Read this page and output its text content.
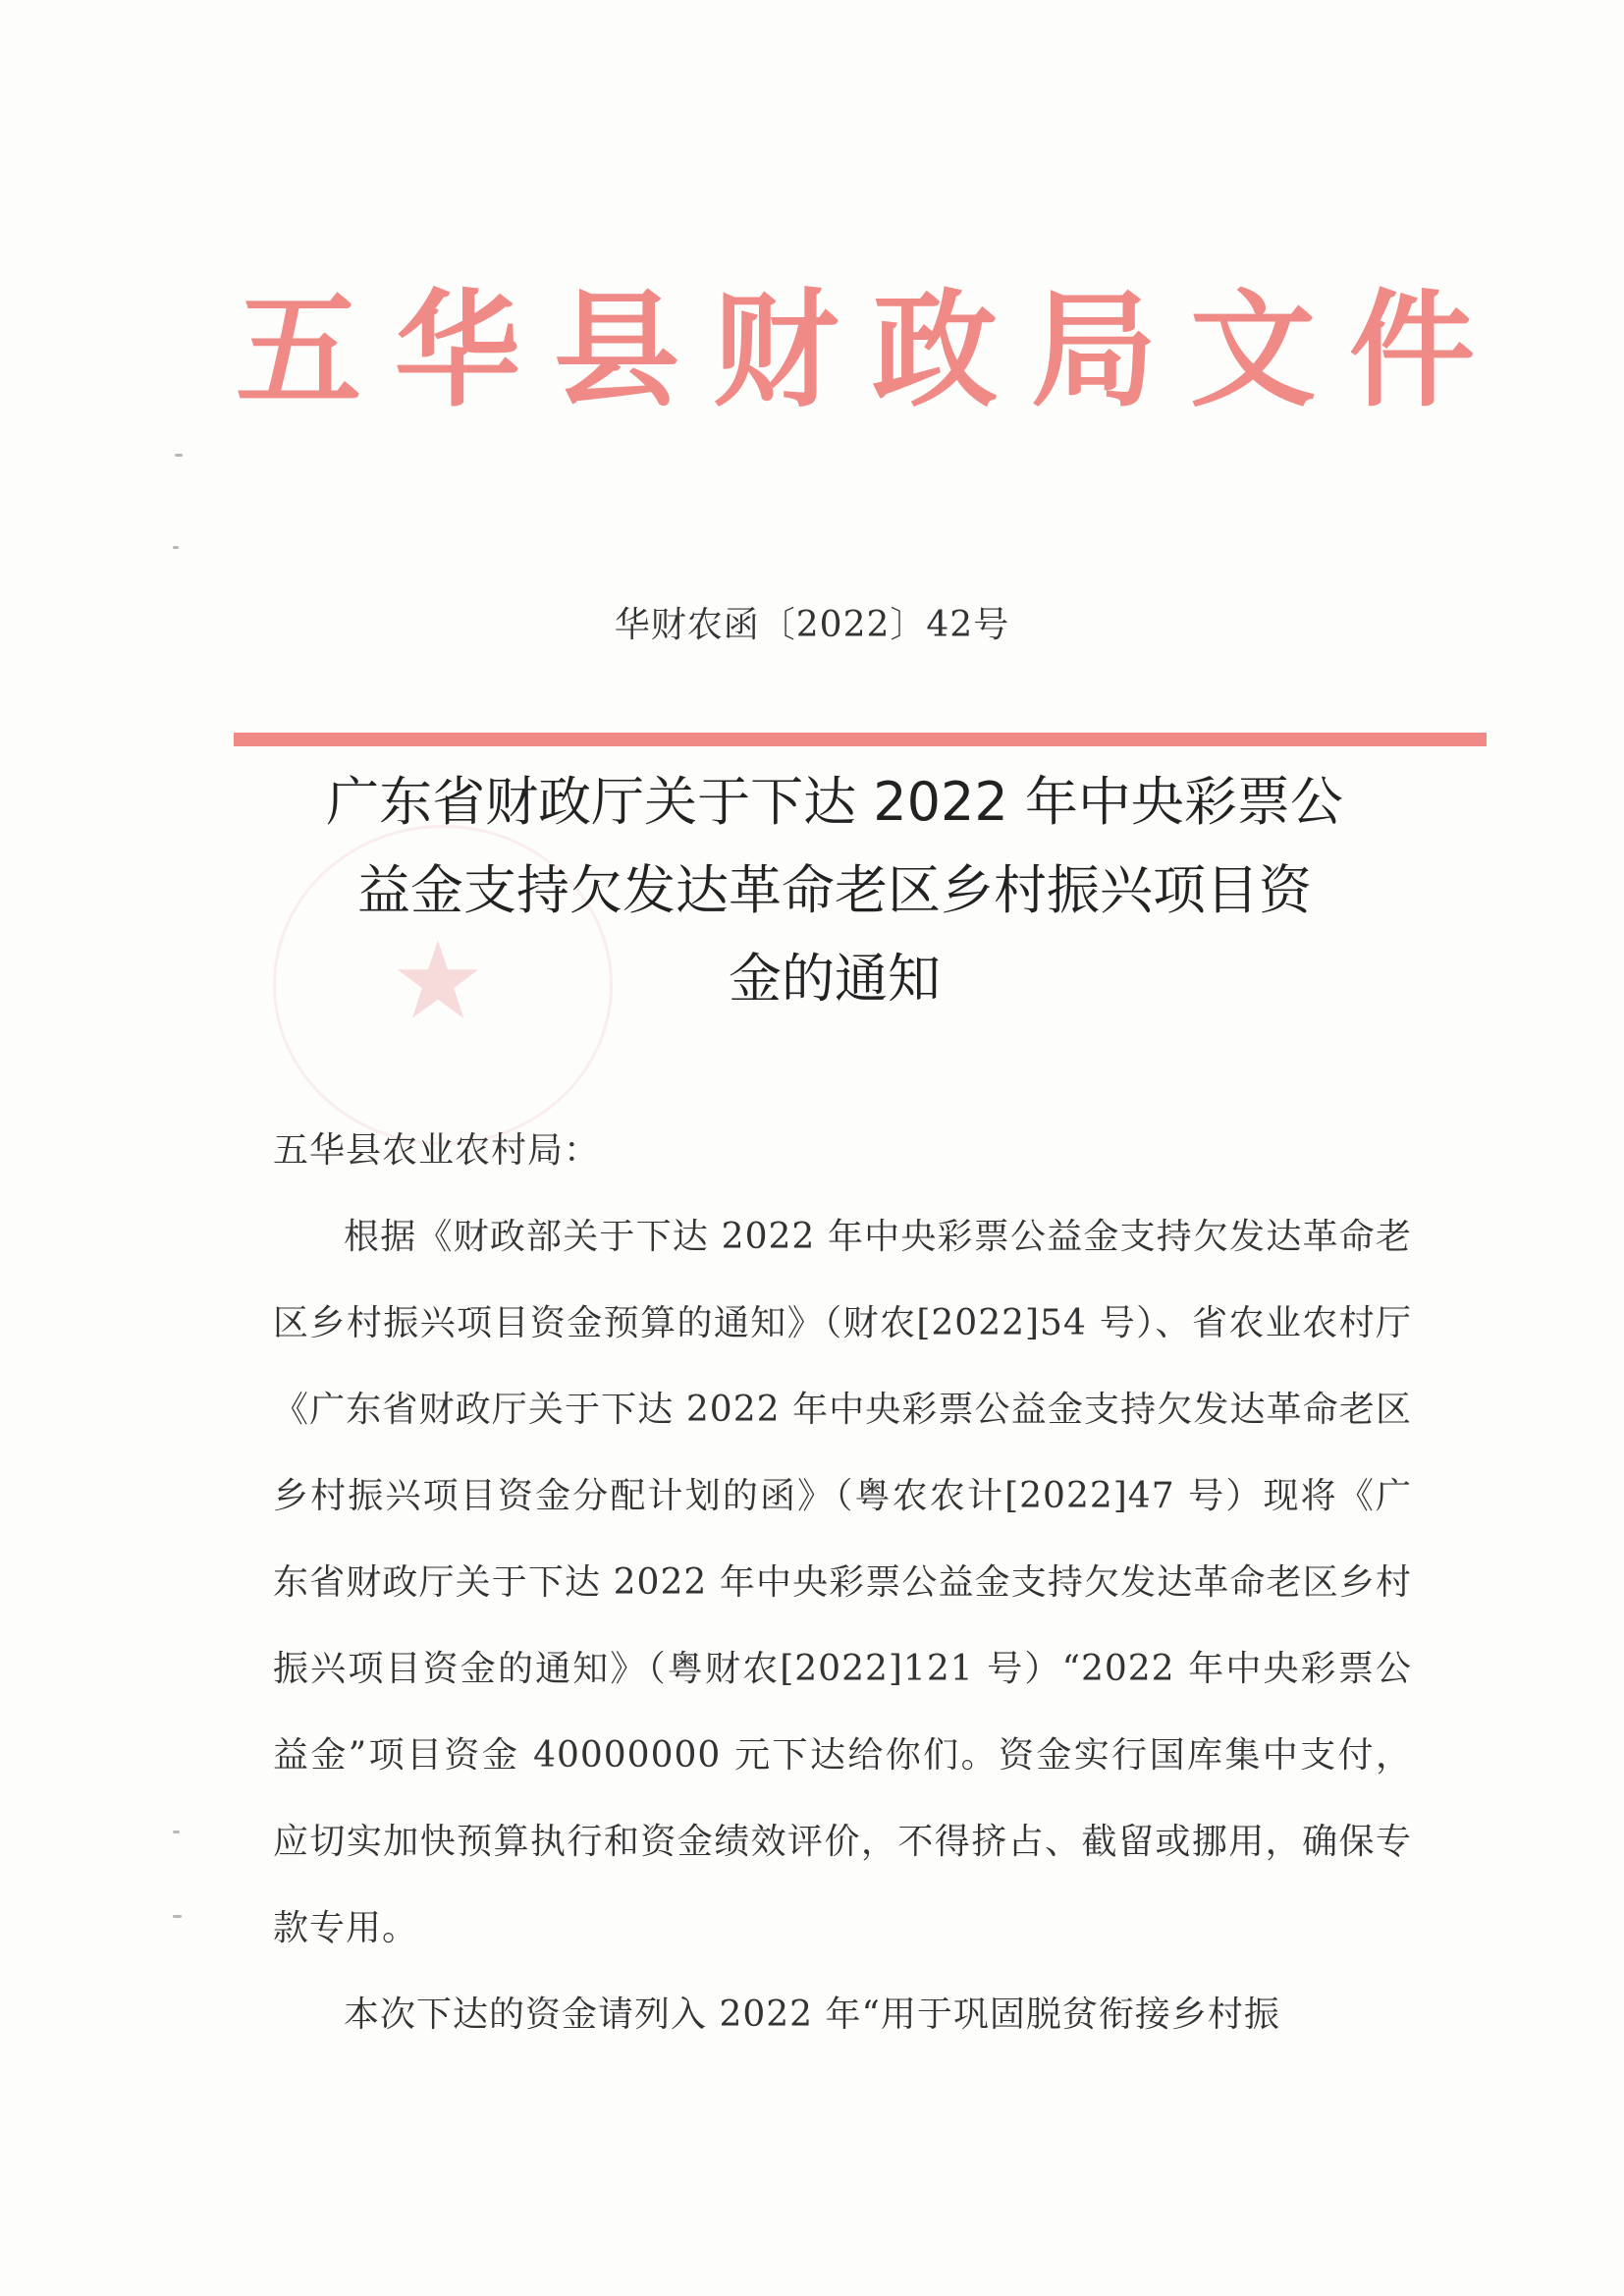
五华县财政局文件

华财农函〔2022〕42号

广东省财政厅关于下达 2022 年中央彩票公
益金支持欠发达革命老区乡村振兴项目资
金的通知

五华县农业农村局：

根据《财政部关于下达 2022 年中央彩票公益金支持欠发达革命老区乡村振兴项目资金预算的通知》（财农[2022]54 号）、省农业农村厅《广东省财政厅关于下达 2022 年中央彩票公益金支持欠发达革命老区乡村振兴项目资金分配计划的函》（粤农农计[2022]47 号）现将《广东省财政厅关于下达 2022 年中央彩票公益金支持欠发达革命老区乡村振兴项目资金的通知》（粤财农[2022]121 号）“2022 年中央彩票公益金”项目资金 40000000 元下达给你们。资金实行国库集中支付，应切实加快预算执行和资金绩效评价，不得挤占、截留或挪用，确保专款专用。

本次下达的资金请列入 2022 年“用于巩固脱贫衔接乡村振
